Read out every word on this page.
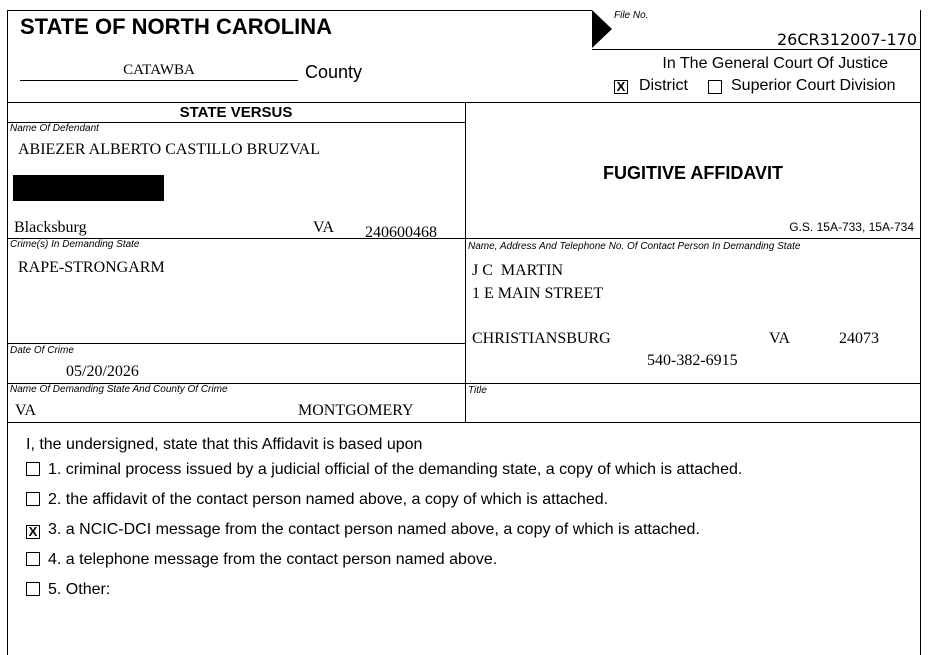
STATE OF NORTH CAROLINA
CATAWBA	County
File No.
26CR312007-170
In The General Court Of Justice
X District	Superior Court Division
STATE VERSUS
Name Of Defendant
ABIEZER ALBERTO CASTILLO BRUZVAL
Blacksburg	VA 240600468
FUGITIVE AFFIDAVIT
G.S. 15A-733, 15A-734
Crime(s) In Demanding State
RAPE-STRONGARM
Date Of Crime
05/20/2026
Name Of Demanding State And County Of Crime
VA	MONTGOMERY
Name, Address And Telephone No. Of Contact Person In Demanding State
J C  MARTIN
1 E MAIN STREET
CHRISTIANSBURG	VA	24073
540-382-6915
Title
I, the undersigned, state that this Affidavit is based upon
1. criminal process issued by a judicial official of the demanding state, a copy of which is attached.
2. the affidavit of the contact person named above, a copy of which is attached.
X 3. a NCIC-DCI message from the contact person named above, a copy of which is attached.
4. a telephone message from the contact person named above.
5. Other:
